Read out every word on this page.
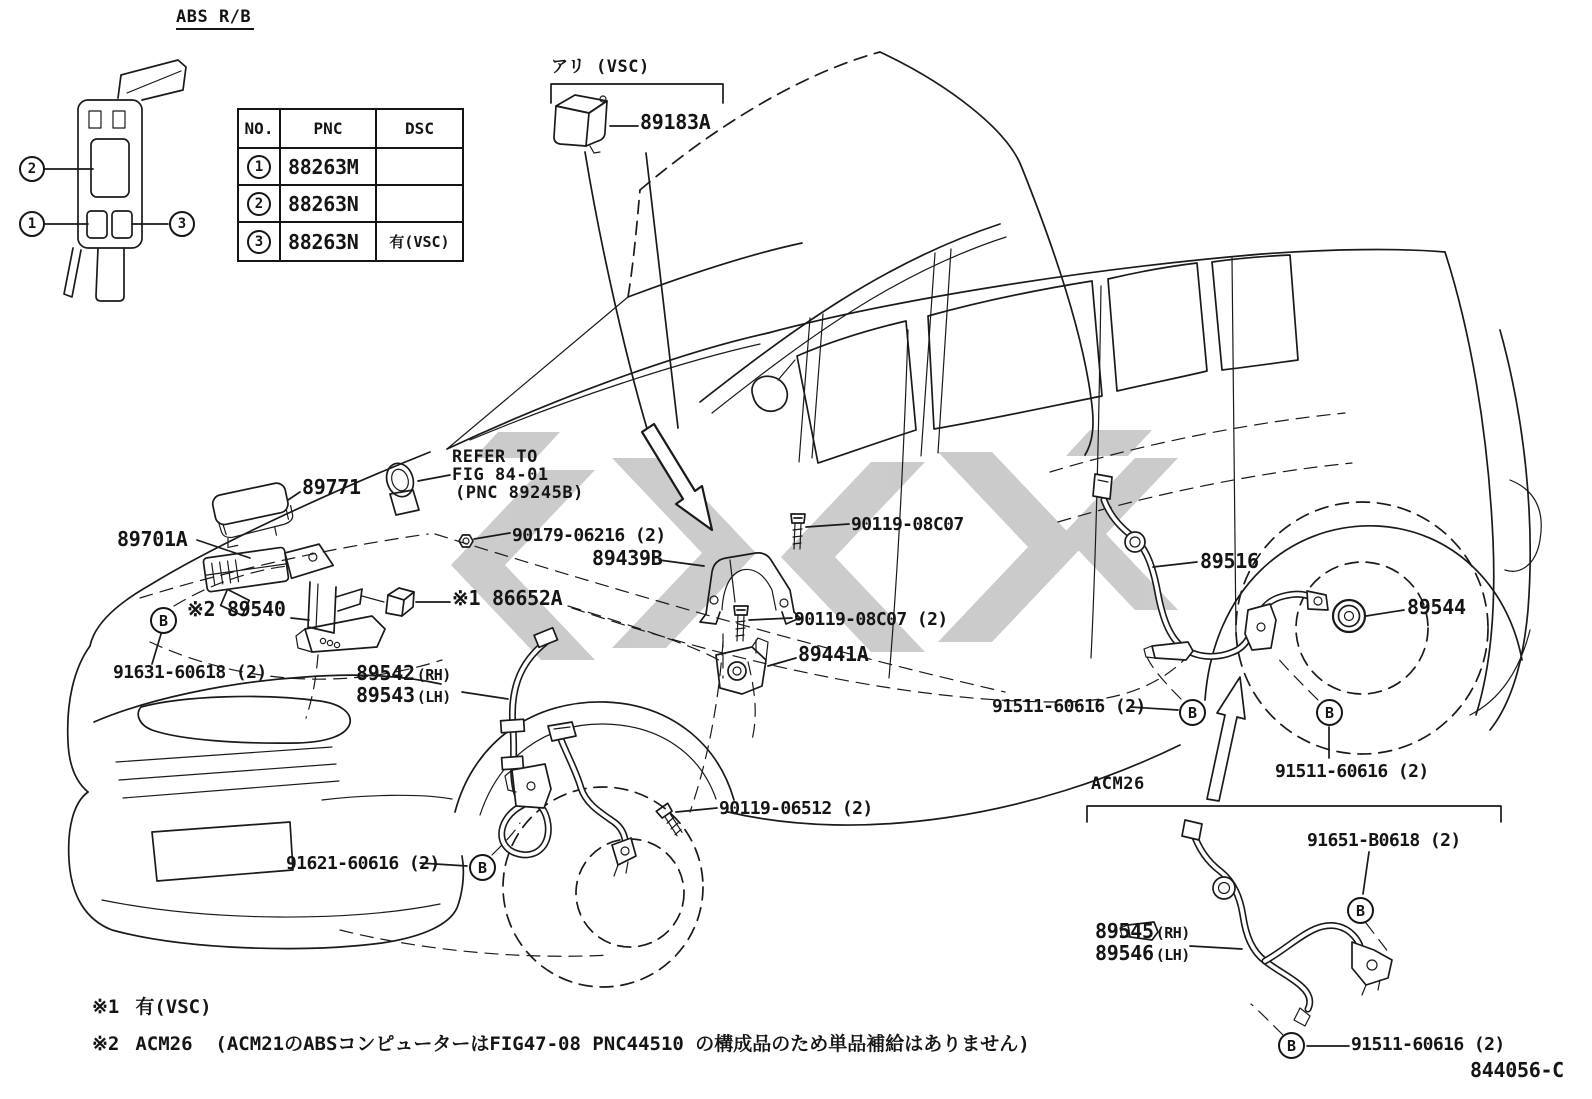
ABS R/B
2
1	3
NO.	PNC	DSC
1	88263M
2	88263N
3	88263N	有(VSC)
アリ (VSC)
89183A
REFER TO
FIG 84-01
(PNC 89245B)
89771
90179-06216 (2)
89701A
89439B
90119-08C07
※2 89540	※1 86652A
90119-08C07 (2)
91631-60618 (2)
89441A
89542 (RH)
89543 (LH)
89516
89544
91511-60616 (2)
91511-60616 (2)
90119-06512 (2)
91621-60616 (2)
ACM26
91651-B0618 (2)
89545 (RH)
89546 (LH)
91511-60616 (2)
B
B
B	B
B
B
※1 有(VSC)
※2 ACM26  (ACM21のABSコンピューターはFIG47-08 PNC44510 の構成品のため単品補給はありません)
844056-C
